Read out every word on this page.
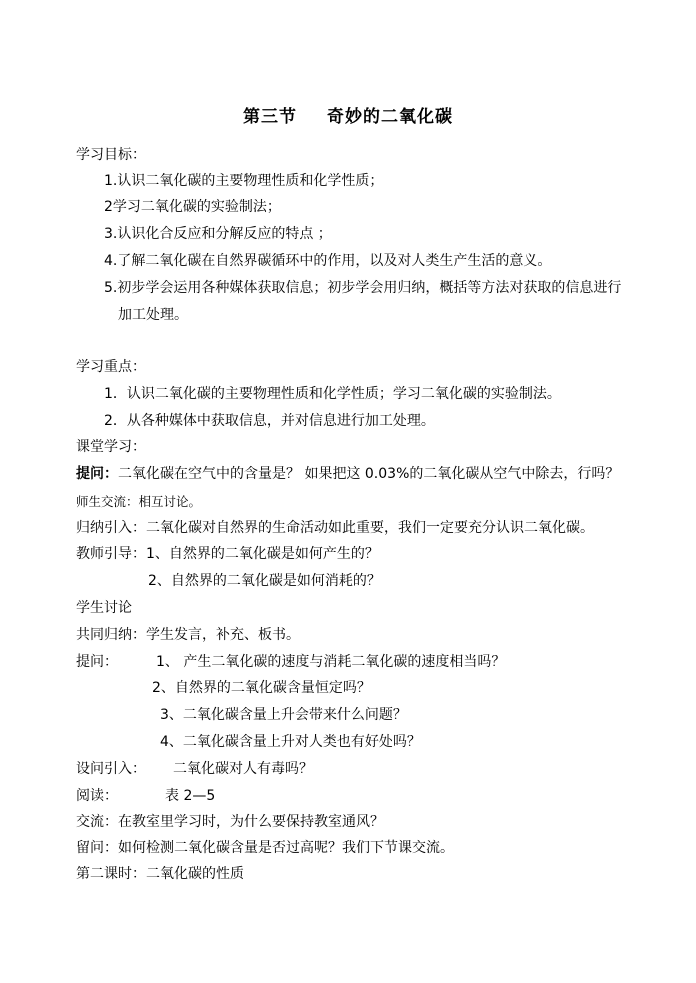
第三节 奇妙的二氧化碳
学习目标：
1.认识二氧化碳的主要物理性质和化学性质；
2学习二氧化碳的实验制法；
3.认识化合反应和分解反应的特点 ；
4.了解二氧化碳在自然界碳循环中的作用，以及对人类生产生活的意义。
5.初步学会运用各种媒体获取信息；初步学会用归纳，概括等方法对获取的信息进行
加工处理。
学习重点：
1．认识二氧化碳的主要物理性质和化学性质；学习二氧化碳的实验制法。
2．从各种媒体中获取信息，并对信息进行加工处理。
课堂学习：
提问：二氧化碳在空气中的含量是？ 如果把这 0.03%的二氧化碳从空气中除去，行吗？
师生交流：相互讨论。
归纳引入：二氧化碳对自然界的生命活动如此重要，我们一定要充分认识二氧化碳。
教师引导：1、自然界的二氧化碳是如何产生的？
2、自然界的二氧化碳是如何消耗的？
学生讨论
共同归纳：学生发言，补充、板书。
提问：	1、 产生二氧化碳的速度与消耗二氧化碳的速度相当吗？
2、自然界的二氧化碳含量恒定吗？
3、二氧化碳含量上升会带来什么问题？
4、二氧化碳含量上升对人类也有好处吗？
设问引入： 二氧化碳对人有毒吗？
阅读：	表 2—5
交流：在教室里学习时，为什么要保持教室通风？
留问：如何检测二氧化碳含量是否过高呢？我们下节课交流。
第二课时：二氧化碳的性质
